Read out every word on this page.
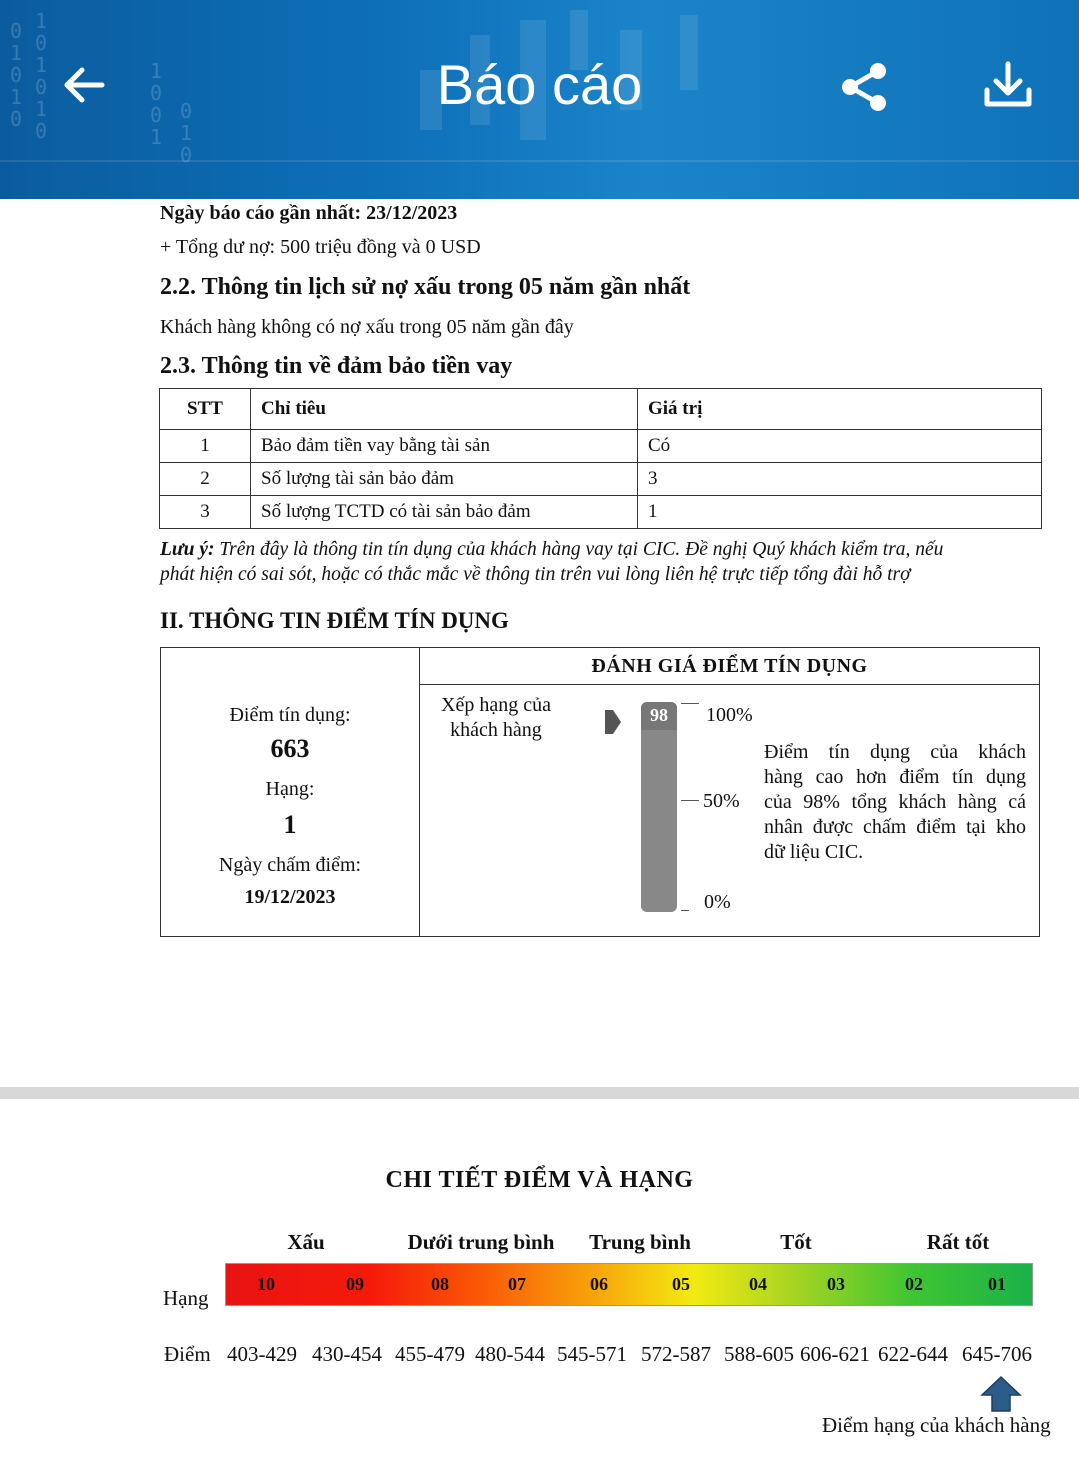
0
1
0
1
0
1
0
1
0
1
0
1
0
0
1
0
1
0
Báo cáo
Ngày báo cáo gần nhất: 23/12/2023
+ Tổng dư nợ: 500 triệu đồng và 0 USD
2.2. Thông tin lịch sử nợ xấu trong 05 năm gần nhất
Khách hàng không có nợ xấu trong 05 năm gần đây
2.3. Thông tin về đảm bảo tiền vay
STT	Chỉ tiêu	Giá trị
1	Bảo đảm tiền vay bằng tài sản	Có
2	Số lượng tài sản bảo đảm	3
3	Số lượng TCTD có tài sản bảo đảm	1
Lưu ý: Trên đây là thông tin tín dụng của khách hàng vay tại CIC. Đề nghị Quý khách kiểm tra, nếu
phát hiện có sai sót, hoặc có thắc mắc về thông tin trên vui lòng liên hệ trực tiếp tổng đài hỗ trợ
II. THÔNG TIN ĐIỂM TÍN DỤNG
Điểm tín dụng:
663
Hạng:
1
Ngày chấm điểm:
19/12/2023
ĐÁNH GIÁ ĐIỂM TÍN DỤNG
Xếp hạng của
khách hàng
98	100%
50%
0%
Điểm tín dụng của khách
hàng cao hơn điểm tín dụng
của 98% tổng khách hàng cá
nhân được chấm điểm tại kho
dữ liệu CIC.
CHI TIẾT ĐIỂM VÀ HẠNG
Xấu	Dưới trung bình Trung bình	Tốt	Rất tốt
Hạng
10	09	08	07	06	05	04	03	02	01
Điểm 403-429 430-454 455-479 480-544 545-571 572-587 588-605 606-621 622-644 645-706
Điểm hạng của khách hàng
